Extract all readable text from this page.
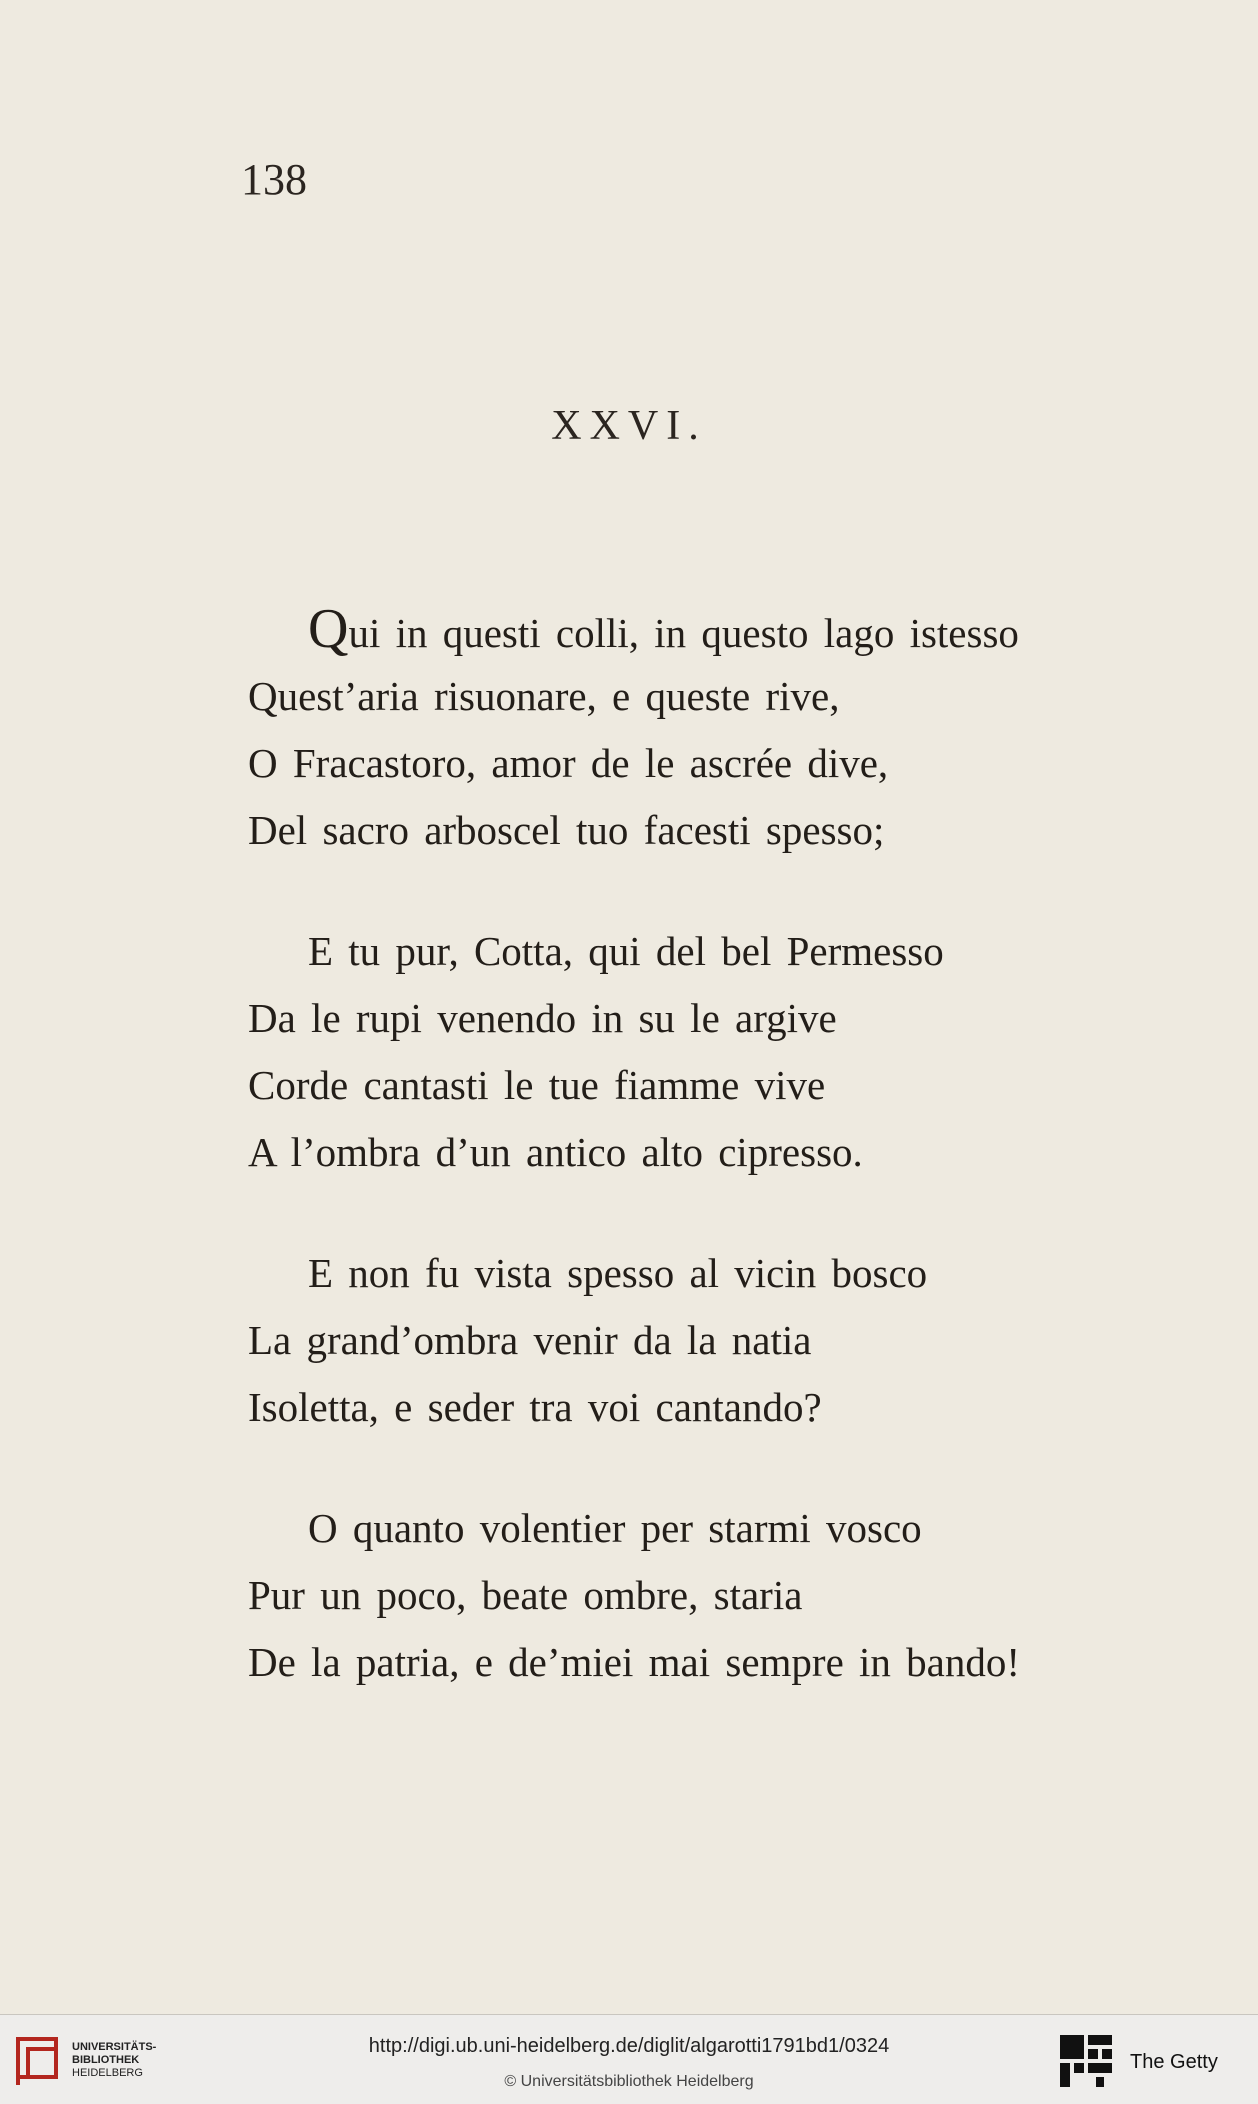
138
XXVI.
Qui in questi colli, in questo lago istesso
Quest’aria risuonare, e queste rive,
O Fracastoro, amor de le ascrée dive,
Del sacro arboscel tuo facesti spesso;
E tu pur, Cotta, qui del bel Permesso
Da le rupi venendo in su le argive
Corde cantasti le tue fiamme vive
A l’ombra d’un antico alto cipresso.
E non fu vista spesso al vicin bosco
La grand’ombra venir da la natia
Isoletta, e seder tra voi cantando?
O quanto volentier per starmi vosco
Pur un poco, beate ombre, staria
De la patria, e de’miei mai sempre in bando!
UNIVERSITÄTS-
BIBLIOTHEK
HEIDELBERG
http://digi.ub.uni-heidelberg.de/diglit/algarotti1791bd1/0324
© Universitätsbibliothek Heidelberg
The Getty
